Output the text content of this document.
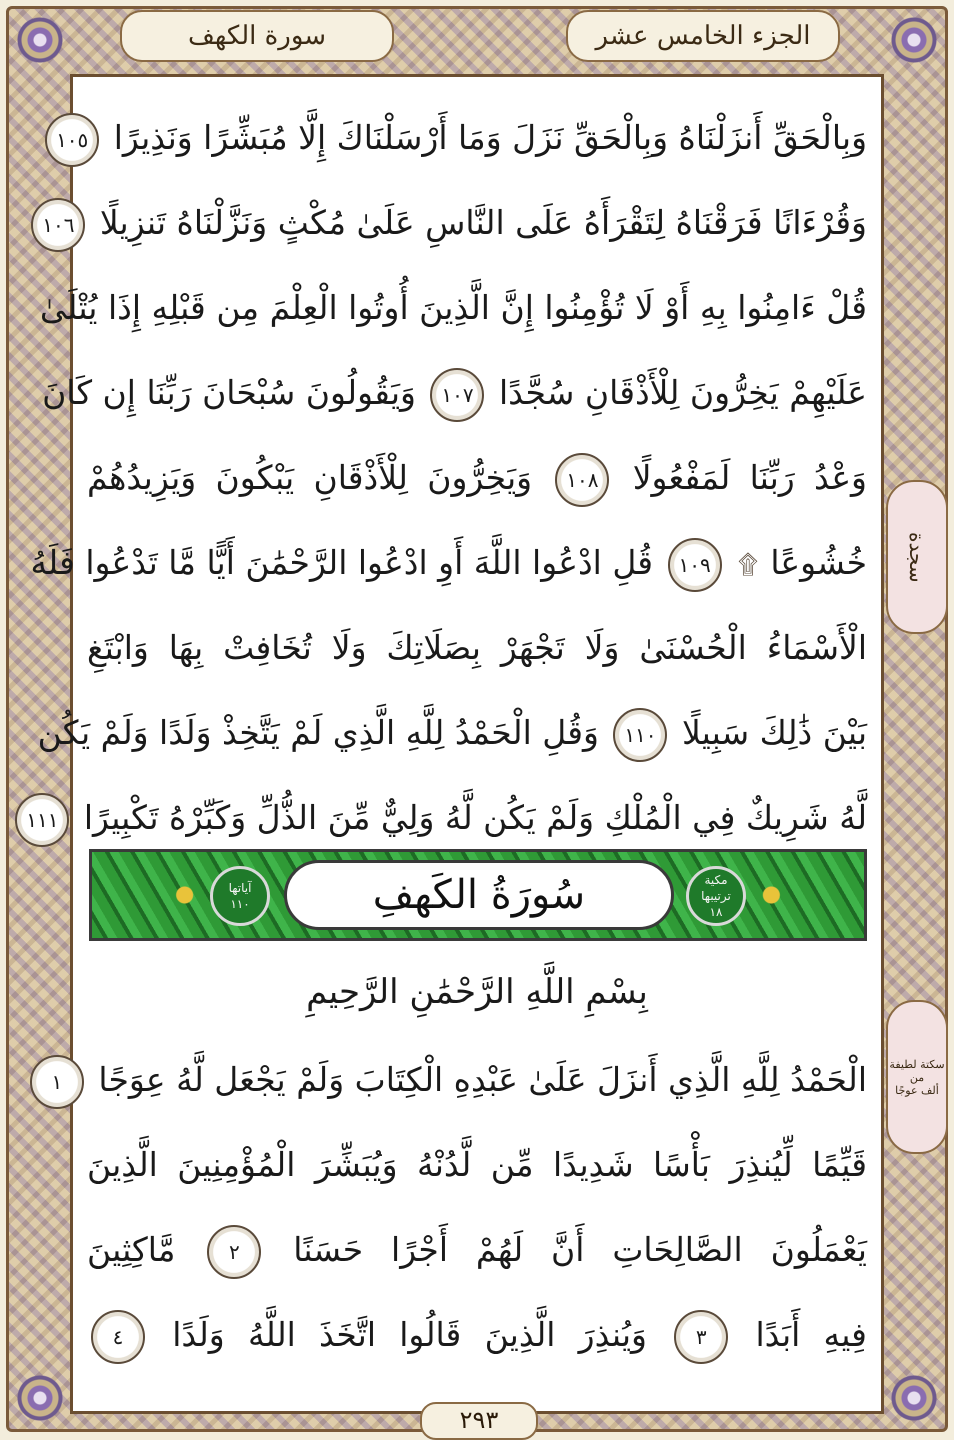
سورة الكهف	الجزء الخامس عشر
سجدة
سكتة لطيفة
من
ألف عوجًا
وَبِالْحَقِّ أَنزَلْنَاهُ وَبِالْحَقِّ نَزَلَ وَمَا أَرْسَلْنَاكَ إِلَّا مُبَشِّرًا وَنَذِيرًا ١٠٥
وَقُرْءَانًا فَرَقْنَاهُ لِتَقْرَأَهُ عَلَى النَّاسِ عَلَىٰ مُكْثٍ وَنَزَّلْنَاهُ تَنزِيلًا ١٠٦
قُلْ ءَامِنُوا بِهِ أَوْ لَا تُؤْمِنُوا إِنَّ الَّذِينَ أُوتُوا الْعِلْمَ مِن قَبْلِهِ إِذَا يُتْلَىٰ
عَلَيْهِمْ يَخِرُّونَ لِلْأَذْقَانِ سُجَّدًا ١٠٧ وَيَقُولُونَ سُبْحَانَ رَبِّنَا إِن كَانَ
وَعْدُ رَبِّنَا لَمَفْعُولًا ١٠٨ وَيَخِرُّونَ لِلْأَذْقَانِ يَبْكُونَ وَيَزِيدُهُمْ
خُشُوعًا ۩ ١٠٩ قُلِ ادْعُوا اللَّهَ أَوِ ادْعُوا الرَّحْمَٰنَ أَيًّا مَّا تَدْعُوا فَلَهُ
الْأَسْمَاءُ الْحُسْنَىٰ وَلَا تَجْهَرْ بِصَلَاتِكَ وَلَا تُخَافِتْ بِهَا وَابْتَغِ
بَيْنَ ذَٰلِكَ سَبِيلًا ١١٠ وَقُلِ الْحَمْدُ لِلَّهِ الَّذِي لَمْ يَتَّخِذْ وَلَدًا وَلَمْ يَكُن
لَّهُ شَرِيكٌ فِي الْمُلْكِ وَلَمْ يَكُن لَّهُ وَلِيٌّ مِّنَ الذُّلِّ وَكَبِّرْهُ تَكْبِيرًا ١١١
مكية
ترتيبها
١٨
سُورَةُ الكَهفِ
آياتها
١١٠
بِسْمِ اللَّهِ الرَّحْمَٰنِ الرَّحِيمِ
الْحَمْدُ لِلَّهِ الَّذِي أَنزَلَ عَلَىٰ عَبْدِهِ الْكِتَابَ وَلَمْ يَجْعَل لَّهُ عِوَجًا ١
قَيِّمًا لِّيُنذِرَ بَأْسًا شَدِيدًا مِّن لَّدُنْهُ وَيُبَشِّرَ الْمُؤْمِنِينَ الَّذِينَ
يَعْمَلُونَ الصَّالِحَاتِ أَنَّ لَهُمْ أَجْرًا حَسَنًا ٢ مَّاكِثِينَ
فِيهِ أَبَدًا ٣ وَيُنذِرَ الَّذِينَ قَالُوا اتَّخَذَ اللَّهُ وَلَدًا ٤
٢٩٣
